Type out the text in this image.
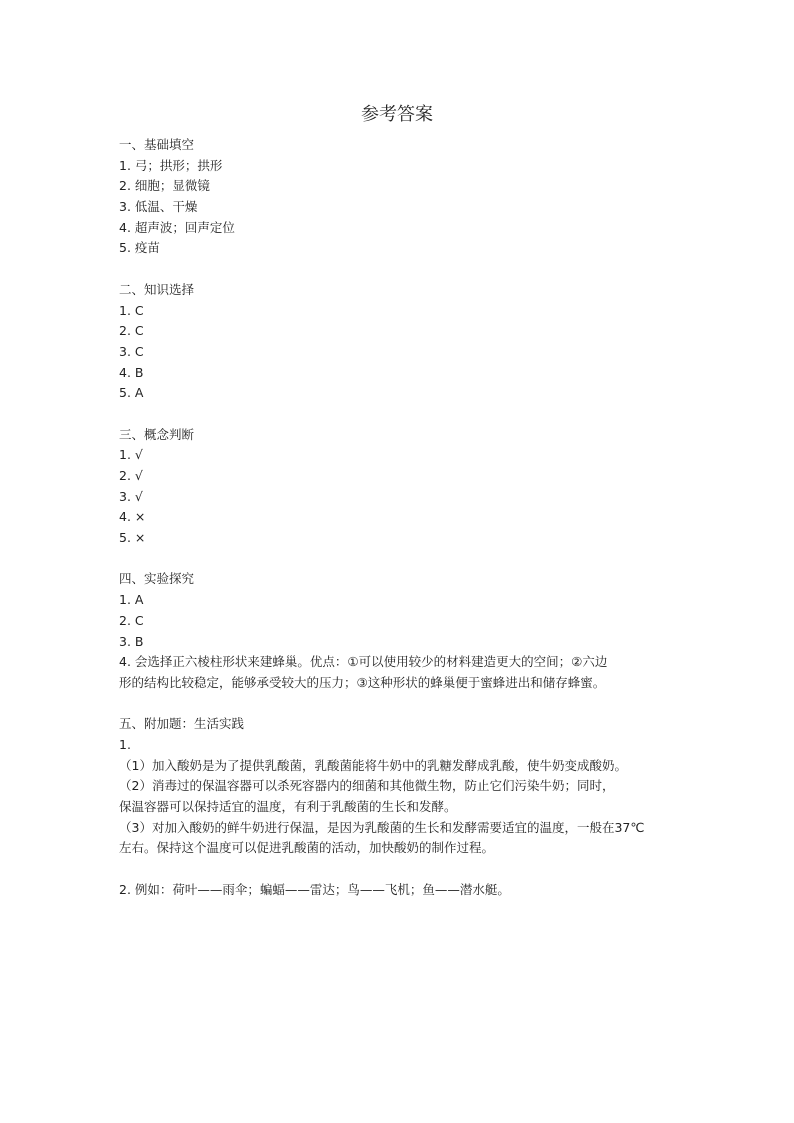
参考答案
一、基础填空
1. 弓；拱形；拱形
2. 细胞；显微镜
3. 低温、干燥
4. 超声波；回声定位
5. 疫苗
二、知识选择
1. C
2. C
3. C
4. B
5. A
三、概念判断
1. √
2. √
3. √
4. ×
5. ×
四、实验探究
1. A
2. C
3. B
4. 会选择正六棱柱形状来建蜂巢。优点：①可以使用较少的材料建造更大的空间；②六边
形的结构比较稳定，能够承受较大的压力；③这种形状的蜂巢便于蜜蜂进出和储存蜂蜜。
五、附加题：生活实践
1.
（1）加入酸奶是为了提供乳酸菌，乳酸菌能将牛奶中的乳糖发酵成乳酸，使牛奶变成酸奶。
（2）消毒过的保温容器可以杀死容器内的细菌和其他微生物，防止它们污染牛奶；同时，
保温容器可以保持适宜的温度，有利于乳酸菌的生长和发酵。
（3）对加入酸奶的鲜牛奶进行保温，是因为乳酸菌的生长和发酵需要适宜的温度，一般在37℃
左右。保持这个温度可以促进乳酸菌的活动，加快酸奶的制作过程。
2. 例如：荷叶——雨伞；蝙蝠——雷达；鸟——飞机；鱼——潜水艇。
